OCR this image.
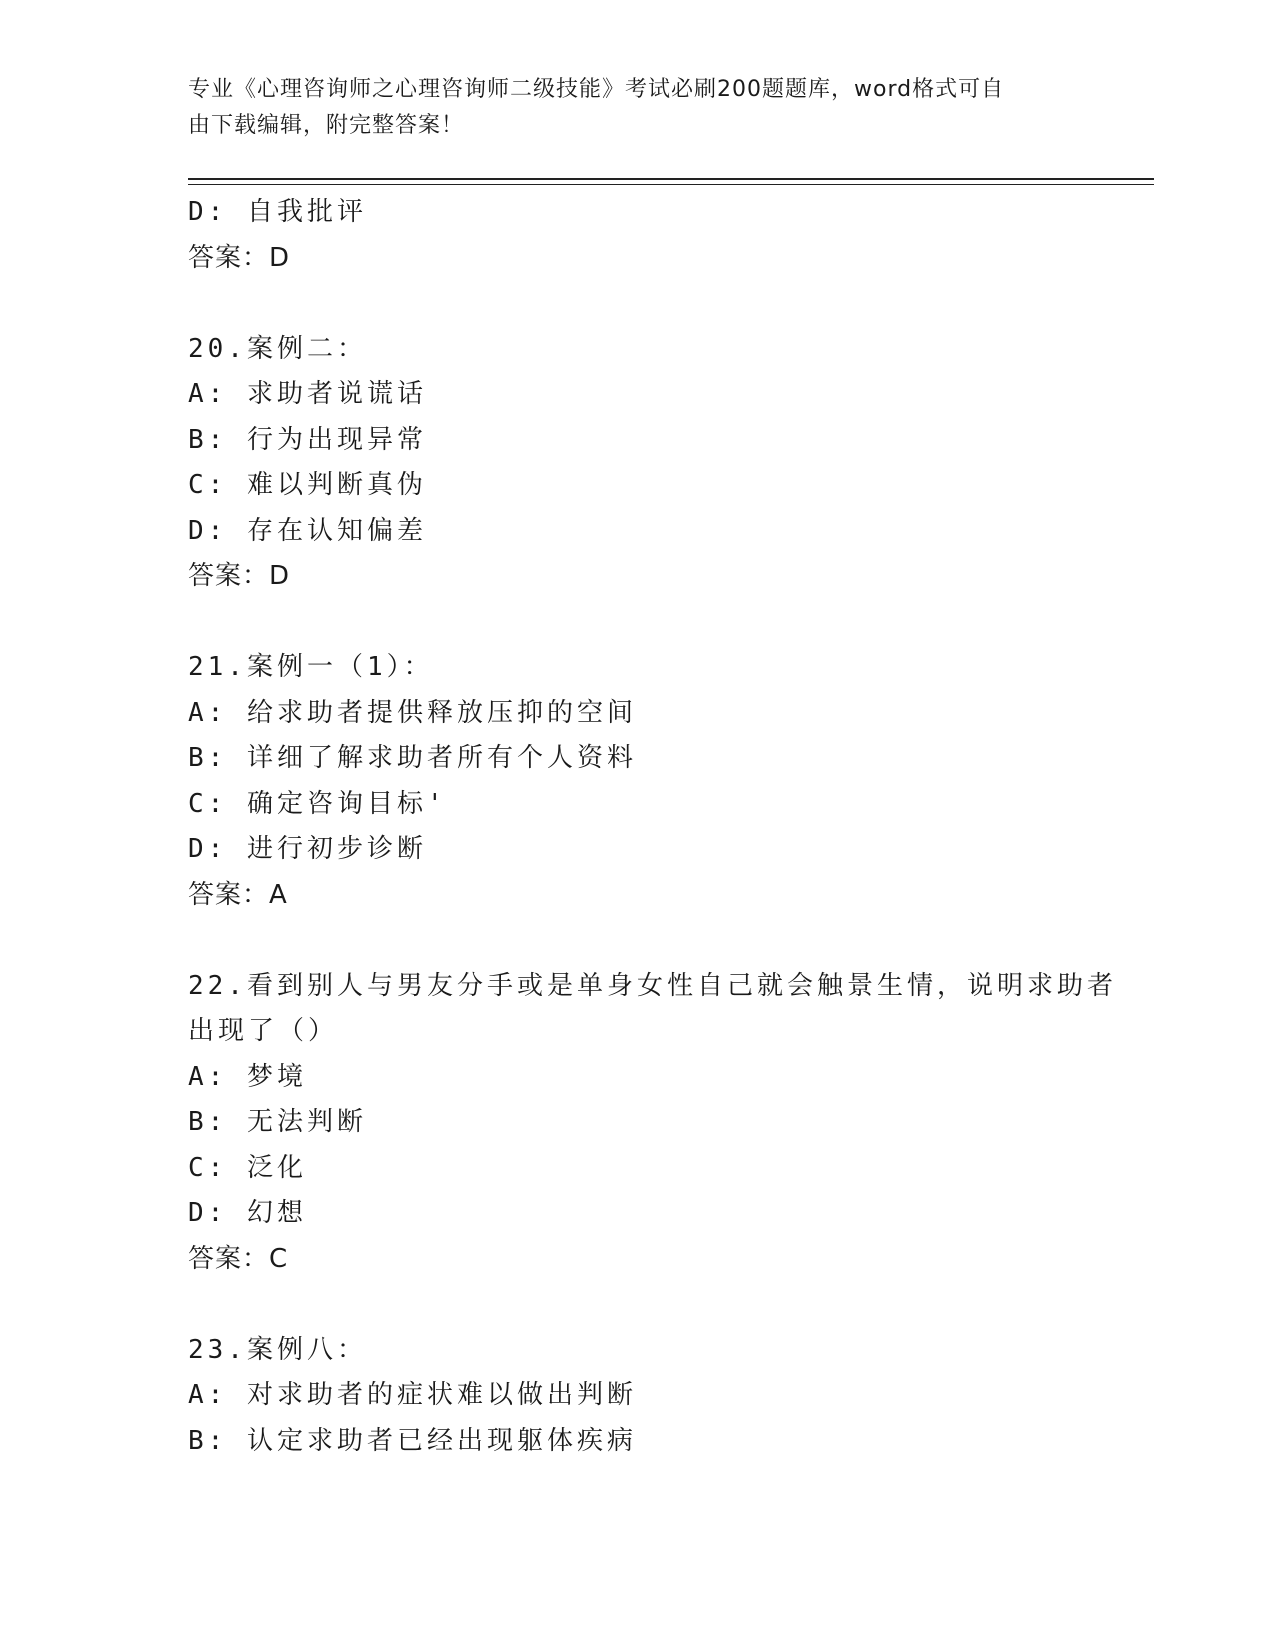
专业《心理咨询师之心理咨询师二级技能》考试必刷200题题库，word格式可自
由下载编辑，附完整答案！
D: 自我批评
答案：D
20.案例二：
A: 求助者说谎话
B: 行为出现异常
C: 难以判断真伪
D: 存在认知偏差
答案：D
21.案例一（1）：
A: 给求助者提供释放压抑的空间
B: 详细了解求助者所有个人资料
C: 确定咨询目标'
D: 进行初步诊断
答案：A
22.看到别人与男友分手或是单身女性自己就会触景生情，说明求助者
出现了（）
A: 梦境
B: 无法判断
C: 泛化
D: 幻想
答案：C
23.案例八：
A: 对求助者的症状难以做出判断
B: 认定求助者已经出现躯体疾病
